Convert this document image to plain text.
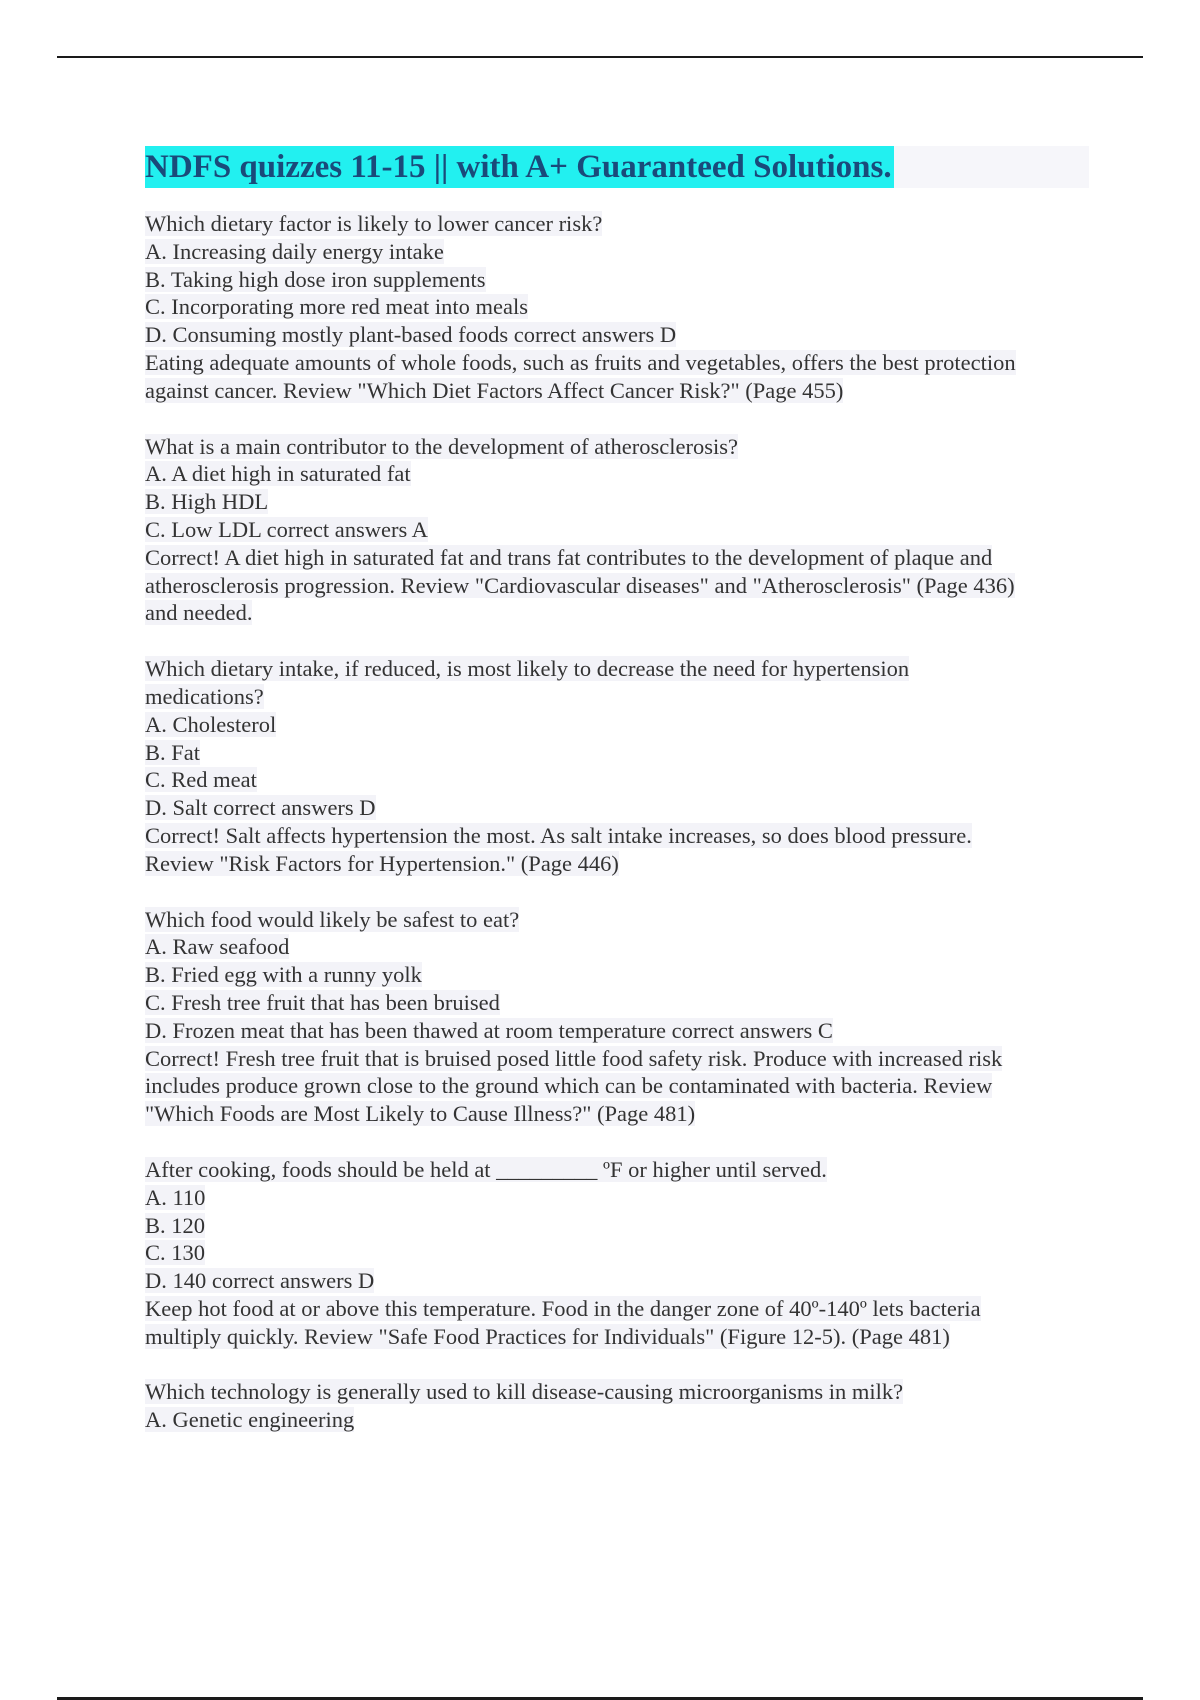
NDFS quizzes 11-15 || with A+ Guaranteed Solutions.
Which dietary factor is likely to lower cancer risk?
A. Increasing daily energy intake
B. Taking high dose iron supplements
C. Incorporating more red meat into meals
D. Consuming mostly plant-based foods correct answers D
Eating adequate amounts of whole foods, such as fruits and vegetables, offers the best protection
against cancer. Review "Which Diet Factors Affect Cancer Risk?" (Page 455)
What is a main contributor to the development of atherosclerosis?
A. A diet high in saturated fat
B. High HDL
C. Low LDL correct answers A
Correct! A diet high in saturated fat and trans fat contributes to the development of plaque and
atherosclerosis progression. Review "Cardiovascular diseases" and "Atherosclerosis" (Page 436)
and needed.
Which dietary intake, if reduced, is most likely to decrease the need for hypertension
medications?
A. Cholesterol
B. Fat
C. Red meat
D. Salt correct answers D
Correct! Salt affects hypertension the most. As salt intake increases, so does blood pressure.
Review "Risk Factors for Hypertension." (Page 446)
Which food would likely be safest to eat?
A. Raw seafood
B. Fried egg with a runny yolk
C. Fresh tree fruit that has been bruised
D. Frozen meat that has been thawed at room temperature correct answers C
Correct! Fresh tree fruit that is bruised posed little food safety risk. Produce with increased risk
includes produce grown close to the ground which can be contaminated with bacteria. Review
"Which Foods are Most Likely to Cause Illness?" (Page 481)
After cooking, foods should be held at _________ ºF or higher until served.
A. 110
B. 120
C. 130
D. 140 correct answers D
Keep hot food at or above this temperature. Food in the danger zone of 40º-140º lets bacteria
multiply quickly. Review "Safe Food Practices for Individuals" (Figure 12-5). (Page 481)
Which technology is generally used to kill disease-causing microorganisms in milk?
A. Genetic engineering
